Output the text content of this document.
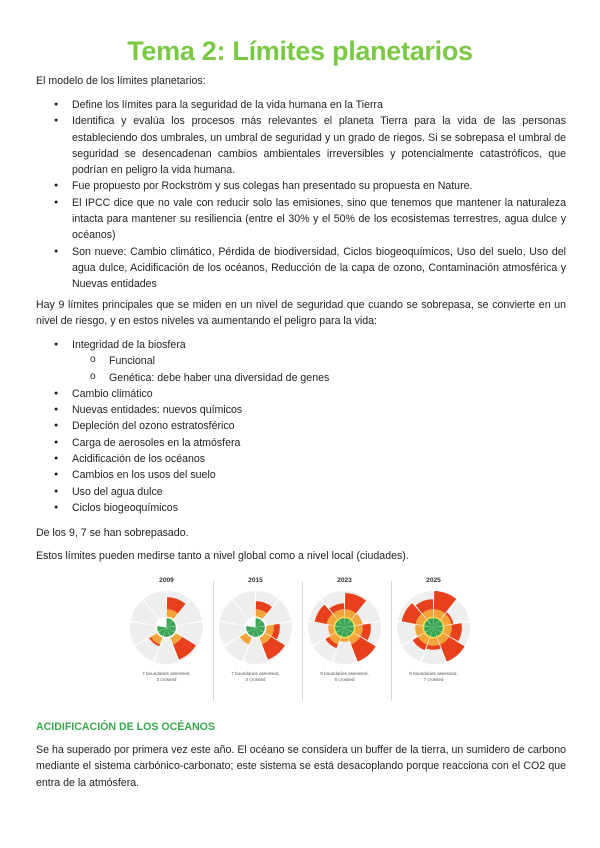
Tema 2: Límites planetarios
El modelo de los límites planetarios:
● Define los límites para la seguridad de la vida humana en la Tierra
● Identifica y evalúa los procesos más relevantes el planeta Tierra para la vida de las personas estableciendo dos umbrales, un umbral de seguridad y un grado de riegos. Si se sobrepasa el umbral de seguridad se desencadenan cambios ambientales irreversibles y potencialmente catastróficos, que podrían en peligro la vida humana.
● Fue propuesto por Rockström y sus colegas han presentado su propuesta en Nature.
● El IPCC dice que no vale con reducir solo las emisiones, sino que tenemos que mantener la naturaleza intacta para mantener su resiliencia (entre el 30% y el 50% de los ecosistemas terrestres, agua dulce y océanos)
● Son nueve: Cambio climático, Pérdida de biodiversidad, Ciclos biogeoquímicos, Uso del suelo, Uso del agua dulce, Acidificación de los océanos, Reducción de la capa de ozono, Contaminación atmosférica y Nuevas entidades
Hay 9 límites principales que se miden en un nivel de seguridad que cuando se sobrepasa, se convierte en un nivel de riesgo, y en estos niveles va aumentando el peligro para la vida:
● Integridad de la biosfera
o Funcional
o Genética: debe haber una diversidad de genes
● Cambio climático
● Nuevas entidades: nuevos químicos
● Depleción del ozono estratosférico
● Carga de aerosoles en la atmósfera
● Acidificación de los océanos
● Cambios en los usos del suelo
● Uso del agua dulce
● Ciclos biogeoquímicos
De los 9, 7 se han sobrepasado.
Estos límites pueden medirse tanto a nivel global como a nivel local (ciudades).
2009
7 boundaries assessed,
3 crossed
2015
7 boundaries assessed,
4 crossed
2023
9 boundaries assessed,
6 crossed
2025
9 boundaries assessed,
7 crossed
ACIDIFICACIÓN DE LOS OCÉANOS
Se ha superado por primera vez este año. El océano se considera un buffer de la tierra, un sumidero de carbono mediante el sistema carbónico-carbonato; este sistema se está desacoplando porque reacciona con el CO2 que entra de la atmósfera.
